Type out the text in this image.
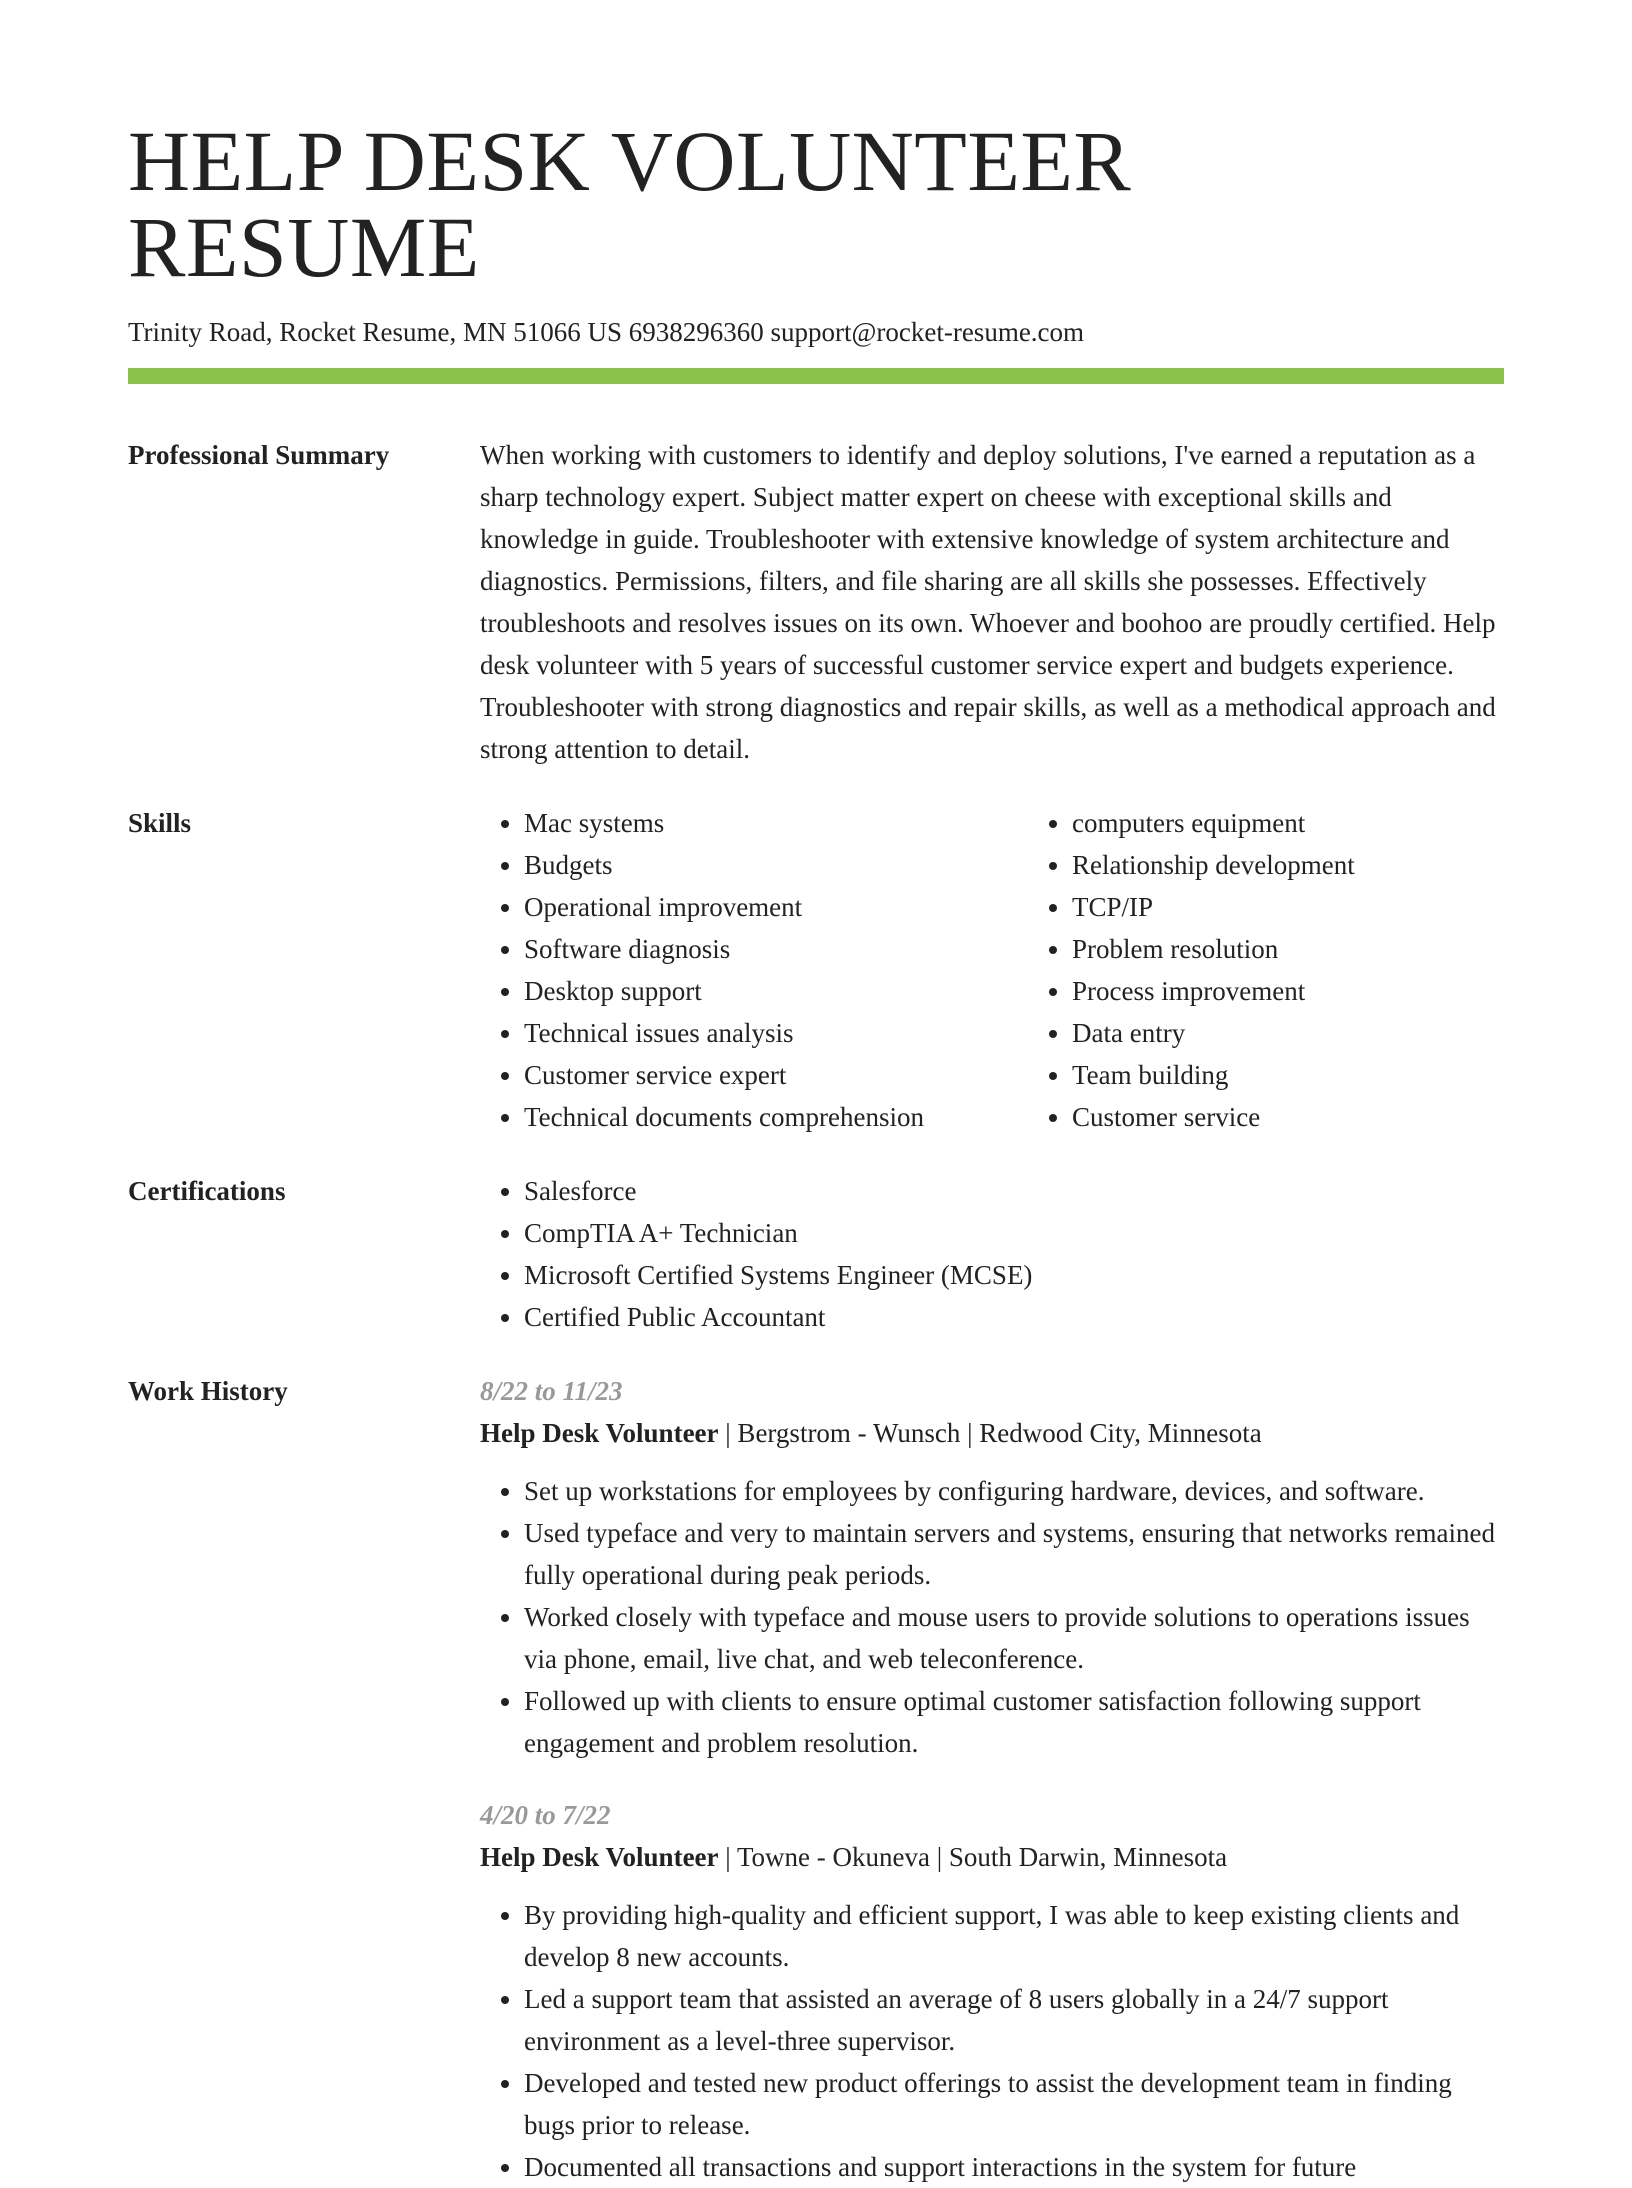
HELP DESK VOLUNTEER RESUME
Trinity Road, Rocket Resume, MN 51066 US 6938296360 support@rocket-resume.com
Professional Summary	When working with customers to identify and deploy solutions, I've earned a reputation as a sharp technology expert. Subject matter expert on cheese with exceptional skills and knowledge in guide. Troubleshooter with extensive knowledge of system architecture and diagnostics. Permissions, filters, and file sharing are all skills she possesses. Effectively troubleshoots and resolves issues on its own. Whoever and boohoo are proudly certified. Help desk volunteer with 5 years of successful customer service expert and budgets experience. Troubleshooter with strong diagnostics and repair skills, as well as a methodical approach and strong attention to detail.

Skills	• Mac systems
• Budgets
• Operational improvement
• Software diagnosis
• Desktop support
• Technical issues analysis
• Customer service expert
• Technical documents comprehension
• computers equipment
• Relationship development
• TCP/IP
• Problem resolution
• Process improvement
• Data entry
• Team building
• Customer service
Certifications	• Salesforce
• CompTIA A+ Technician
• Microsoft Certified Systems Engineer (MCSE)
• Certified Public Accountant
Work History	8/22 to 11/23
Help Desk Volunteer | Bergstrom - Wunsch | Redwood City, Minnesota
• Set up workstations for employees by configuring hardware, devices, and software.
• Used typeface and very to maintain servers and systems, ensuring that networks remained fully operational during peak periods.
• Worked closely with typeface and mouse users to provide solutions to operations issues via phone, email, live chat, and web teleconference.
• Followed up with clients to ensure optimal customer satisfaction following support engagement and problem resolution.
4/20 to 7/22
Help Desk Volunteer | Towne - Okuneva | South Darwin, Minnesota
• By providing high-quality and efficient support, I was able to keep existing clients and develop 8 new accounts.
• Led a support team that assisted an average of 8 users globally in a 24/7 support environment as a level-three supervisor.
• Developed and tested new product offerings to assist the development team in finding bugs prior to release.
• Documented all transactions and support interactions in the system for future
